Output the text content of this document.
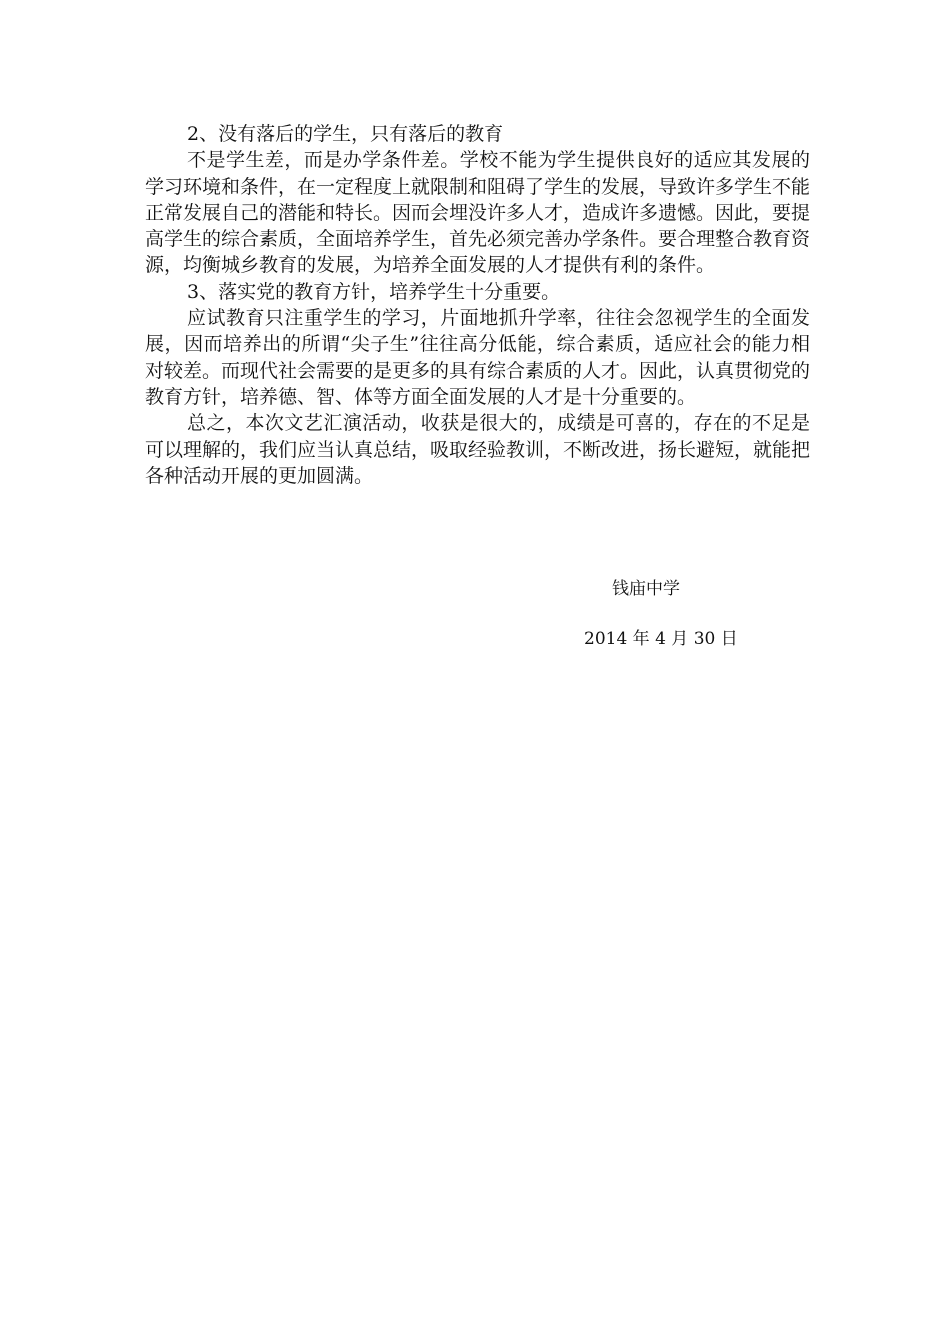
2、没有落后的学生，只有落后的教育

不是学生差，而是办学条件差。学校不能为学生提供良好的适应其发展的学习环境和条件，在一定程度上就限制和阻碍了学生的发展，导致许多学生不能正常发展自己的潜能和特长。因而会埋没许多人才，造成许多遗憾。因此，要提高学生的综合素质，全面培养学生，首先必须完善办学条件。要合理整合教育资源，均衡城乡教育的发展，为培养全面发展的人才提供有利的条件。

3、落实党的教育方针，培养学生十分重要。

应试教育只注重学生的学习，片面地抓升学率，往往会忽视学生的全面发展，因而培养出的所谓“尖子生”往往高分低能，综合素质，适应社会的能力相对较差。而现代社会需要的是更多的具有综合素质的人才。因此，认真贯彻党的教育方针，培养德、智、体等方面全面发展的人才是十分重要的。

总之，本次文艺汇演活动，收获是很大的，成绩是可喜的，存在的不足是可以理解的，我们应当认真总结，吸取经验教训，不断改进，扬长避短，就能把各种活动开展的更加圆满。

钱庙中学
2014 年 4 月 30 日
